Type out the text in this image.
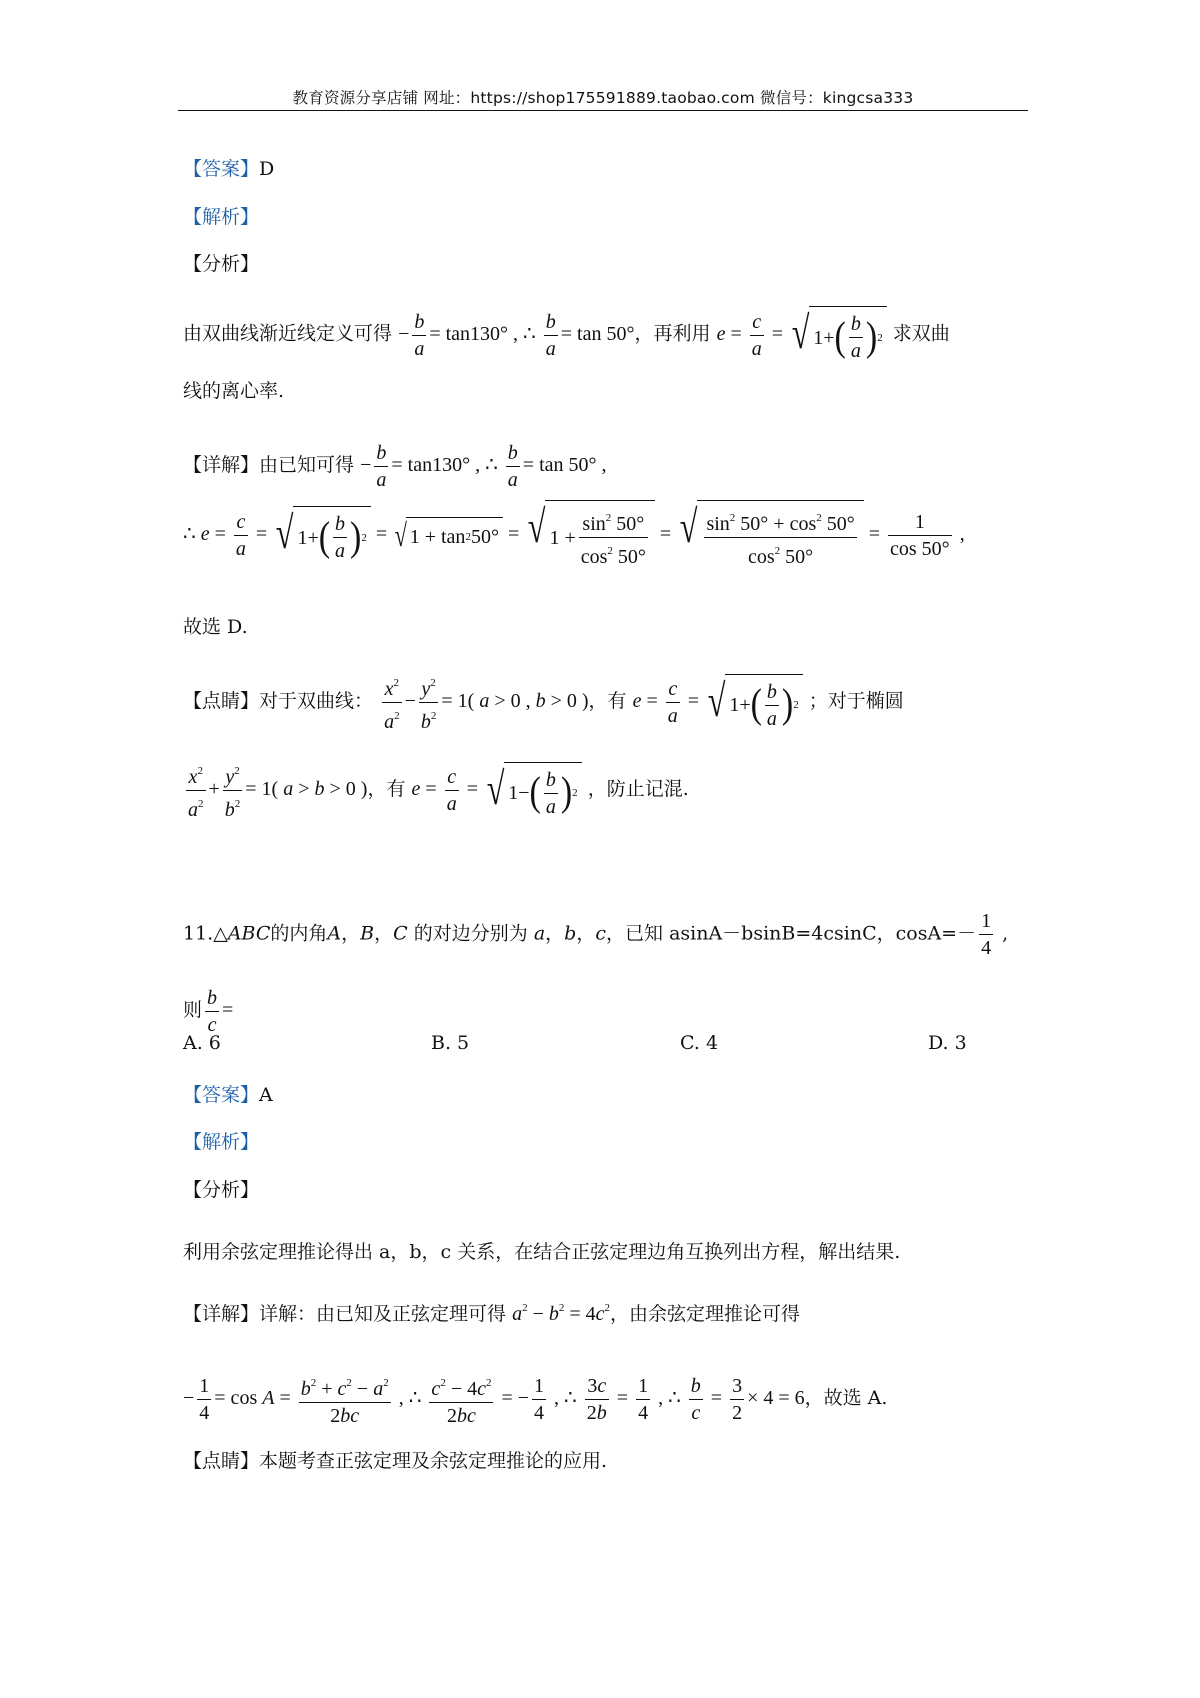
教育资源分享店铺 网址：https://shop175591889.taobao.com 微信号：kingcsa333
【答案】D
【解析】
【分析】
由双曲线渐近线定义可得 − $\frac{b}{a} = \tan 130^\circ$ , ∴ $\frac{b}{a} = \tan 50^\circ$，再利用 $e = \frac{c}{a}$ = √ 1+ ( $\frac{b}{a}$ ) 2 求双曲
线的离心率.
【详解】由已知可得 − $\frac{b}{a} = \tan 130^\circ$ , ∴ $\frac{b}{a} = \tan 50^\circ$ ,
∴ $e = \frac{c}{a}$ = √ 1+ ( $\frac{b}{a}$ ) 2 = √ 1 + tan 2 50° = √ $1 + \frac{\sin^2 50^\circ}{\cos^2 50^\circ}$ = √ $\frac{\sin^2 50^\circ + \cos^2 50^\circ}{\cos^2 50^\circ} = \frac{1}{\cos 50^\circ}$ ,
故选 D.
【点睛】对于双曲线： $\frac{x^2}{a^2} - \frac{y^2}{b^2} = 1$( a > 0 , b > 0 )，有 $e = \frac{c}{a}$ = √ 1+ ( $\frac{b}{a}$ ) 2 ；对于椭圆
$\frac{x^2}{a^2} + \frac{y^2}{b^2} = 1$( a > b > 0 )，有 $e = \frac{c}{a}$ = √ 1− ( $\frac{b}{a}$ ) 2 ，防止记混.
11.△ABC的内角A，B，C 的对边分别为 a，b，c，已知 asinA－bsinB=4csinC，$\cos A=- \frac{1}{4}$ ,
则 $\frac{b}{c}$ =
A. 6	B. 5	C. 4	D. 3
【答案】A
【解析】
【分析】
利用余弦定理推论得出 a，b，c 关系，在结合正弦定理边角互换列出方程，解出结果.
【详解】详解：由已知及正弦定理可得 $a^2 - b^2 = 4c^2$，由余弦定理推论可得
− $\frac{1}{4} = \cos A = \frac{b^2 + c^2 - a^2}{2bc}$ , ∴ $\frac{c^2 - 4c^2}{2bc}$ = − $\frac{1}{4}$ , ∴ $\frac{3c}{2b} = \frac{1}{4}$ , ∴ $\frac{b}{c} = \frac{3}{2} \times 4 = 6$，故选 A.
【点睛】本题考查正弦定理及余弦定理推论的应用.
